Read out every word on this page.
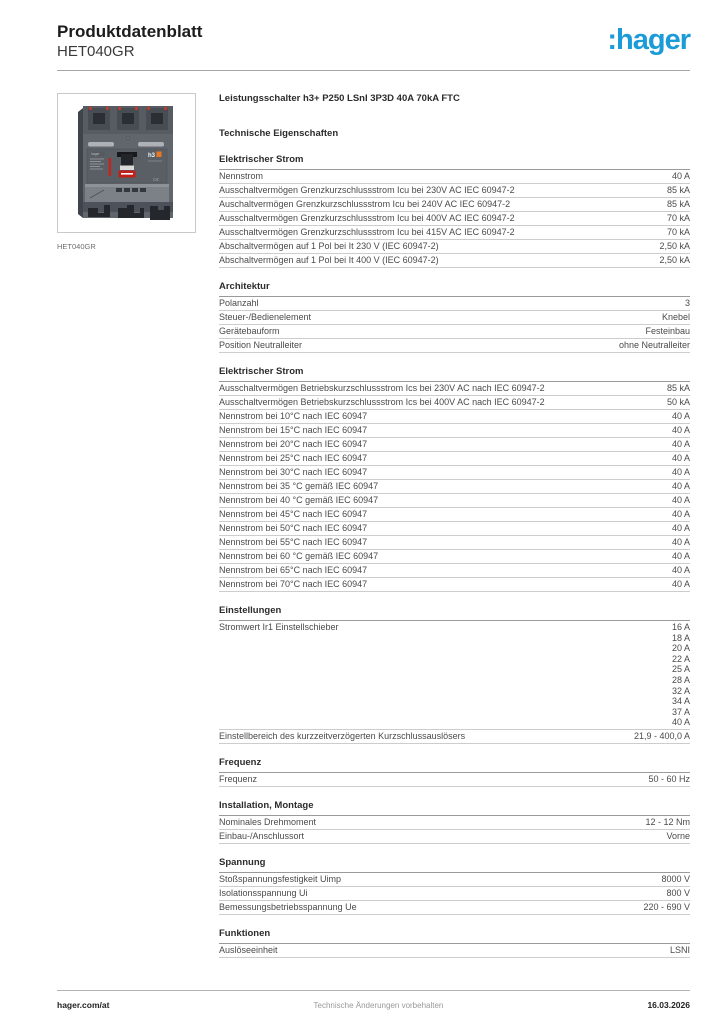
Produktdatenblatt
HET040GR	:hager
hager	h3
C€
HET040GR
Leistungsschalter h3+ P250 LSnI 3P3D 40A 70kA FTC
Technische Eigenschaften
Elektrischer Strom
Nennstrom	40 A
Ausschaltvermögen Grenzkurzschlussstrom Icu bei 230V AC IEC 60947-2	85 kA
Auschaltvermögen Grenzkurzschlussstrom Icu bei 240V AC IEC 60947-2	85 kA
Ausschaltvermögen Grenzkurzschlussstrom Icu bei 400V AC IEC 60947-2	70 kA
Ausschaltvermögen Grenzkurzschlussstrom Icu bei 415V AC IEC 60947-2	70 kA
Abschaltvermögen auf 1 Pol bei It 230 V (IEC 60947-2)	2,50 kA
Abschaltvermögen auf 1 Pol bei It 400 V (IEC 60947-2)	2,50 kA
Architektur
Polanzahl	3
Steuer-/Bedienelement	Knebel
Gerätebauform	Festeinbau
Position Neutralleiter	ohne Neutralleiter
Elektrischer Strom
Ausschaltvermögen Betriebskurzschlussstrom Ics bei 230V AC nach IEC 60947-2	85 kA
Ausschaltvermögen Betriebskurzschlussstrom Ics bei 400V AC nach IEC 60947-2	50 kA
Nennstrom bei 10°C nach IEC 60947	40 A
Nennstrom bei 15°C nach IEC 60947	40 A
Nennstrom bei 20°C nach IEC 60947	40 A
Nennstrom bei 25°C nach IEC 60947	40 A
Nennstrom bei 30°C nach IEC 60947	40 A
Nennstrom bei 35 °C gemäß IEC 60947	40 A
Nennstrom bei 40 °C gemäß IEC 60947	40 A
Nennstrom bei 45°C nach IEC 60947	40 A
Nennstrom bei 50°C nach IEC 60947	40 A
Nennstrom bei 55°C nach IEC 60947	40 A
Nennstrom bei 60 °C gemäß IEC 60947	40 A
Nennstrom bei 65°C nach IEC 60947	40 A
Nennstrom bei 70°C nach IEC 60947	40 A
Einstellungen
Stromwert Ir1 Einstellschieber	16 A
18 A
20 A
22 A
25 A
28 A
32 A
34 A
37 A
40 A
Einstellbereich des kurzzeitverzögerten Kurzschlussauslösers	21,9 - 400,0 A
Frequenz
Frequenz	50 - 60 Hz
Installation, Montage
Nominales Drehmoment	12 - 12 Nm
Einbau-/Anschlussort	Vorne
Spannung
Stoßspannungsfestigkeit Uimp	8000 V
Isolationsspannung Ui	800 V
Bemessungsbetriebsspannung Ue	220 - 690 V
Funktionen
Auslöseeinheit	LSNI
hager.com/at	Technische Änderungen vorbehalten	16.03.2026
